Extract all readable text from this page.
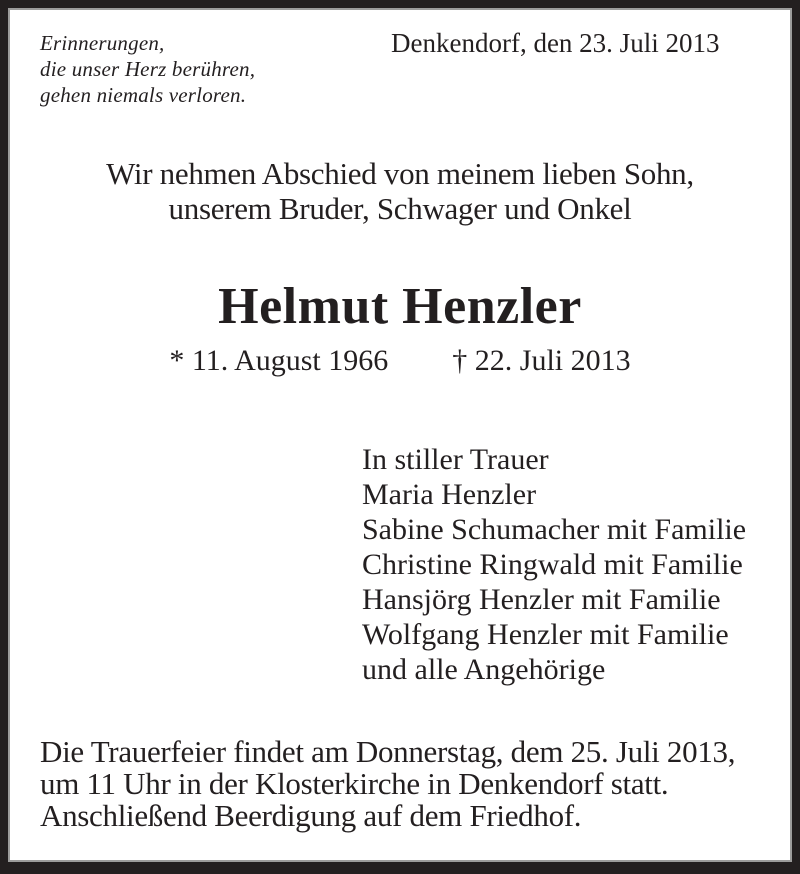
Erinnerungen,
die unser Herz berühren,
gehen niemals verloren.
Denkendorf, den 23. Juli 2013
Wir nehmen Abschied von meinem lieben Sohn,
unserem Bruder, Schwager und Onkel
Helmut Henzler
* 11. August 1966 † 22. Juli 2013
In stiller Trauer
Maria Henzler
Sabine Schumacher mit Familie
Christine Ringwald mit Familie
Hansjörg Henzler mit Familie
Wolfgang Henzler mit Familie
und alle Angehörige
Die Trauerfeier findet am Donnerstag, dem 25. Juli 2013,
um 11 Uhr in der Klosterkirche in Denkendorf statt.
Anschließend Beerdigung auf dem Friedhof.
